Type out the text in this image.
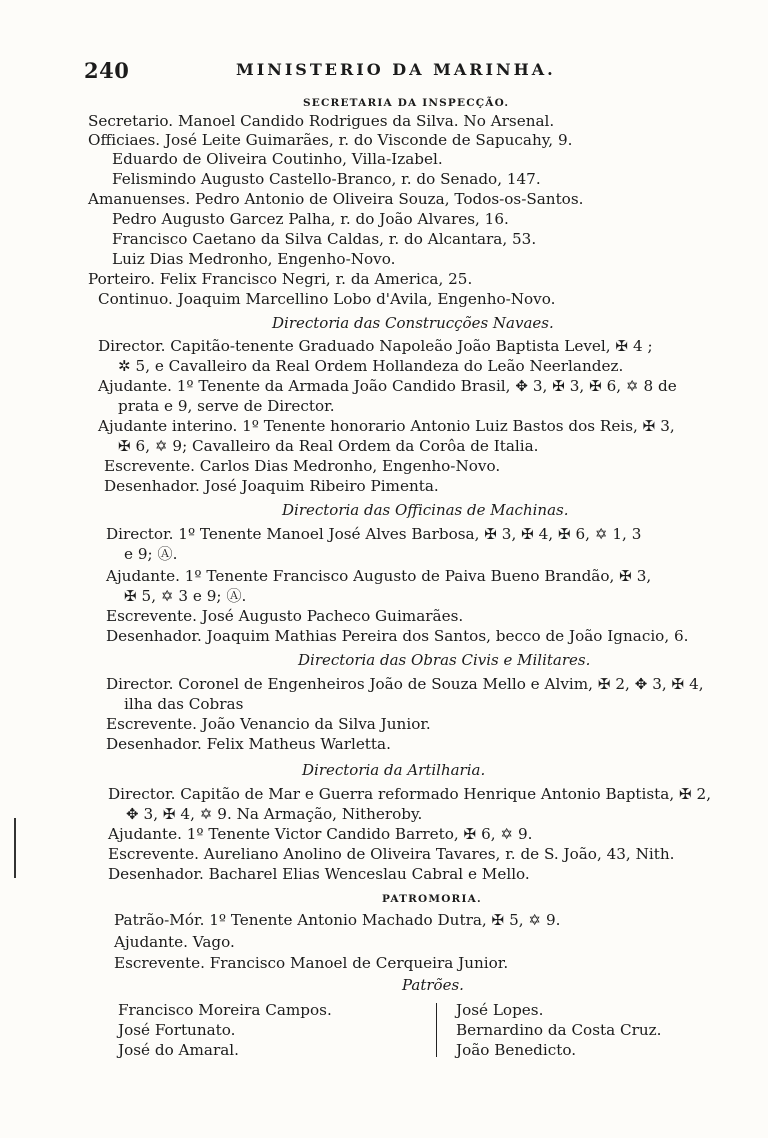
240	MINISTERIO DA MARINHA.
SECRETARIA DA INSPECÇÃO.
Secretario. Manoel Candido Rodrigues da Silva. No Arsenal.
Officiaes. José Leite Guimarães, r. do Visconde de Sapucahy, 9.
Eduardo de Oliveira Coutinho, Villa-Izabel.
Felismindo Augusto Castello-Branco, r. do Senado, 147.
Amanuenses. Pedro Antonio de Oliveira Souza, Todos-os-Santos.
Pedro Augusto Garcez Palha, r. do João Alvares, 16.
Francisco Caetano da Silva Caldas, r. do Alcantara, 53.
Luiz Dias Medronho, Engenho-Novo.
Porteiro. Felix Francisco Negri, r. da America, 25.
Continuo. Joaquim Marcellino Lobo d'Avila, Engenho-Novo.
Directoria das Construcções Navaes.
Director. Capitão-tenente Graduado Napoleão João Baptista Level, ✠ 4 ;
✲ 5, e Cavalleiro da Real Ordem Hollandeza do Leão Neerlandez.
Ajudante. 1º Tenente da Armada João Candido Brasil, ✥ 3, ✠ 3, ✠ 6, ✡ 8 de
prata e 9, serve de Director.
Ajudante interino. 1º Tenente honorario Antonio Luiz Bastos dos Reis, ✠ 3,
✠ 6, ✡ 9; Cavalleiro da Real Ordem da Corôa de Italia.
Escrevente. Carlos Dias Medronho, Engenho-Novo.
Desenhador. José Joaquim Ribeiro Pimenta.
Directoria das Officinas de Machinas.
Director. 1º Tenente Manoel José Alves Barbosa, ✠ 3, ✠ 4, ✠ 6, ✡ 1, 3
e 9; Ⓐ.
Ajudante. 1º Tenente Francisco Augusto de Paiva Bueno Brandão, ✠ 3,
✠ 5, ✡ 3 e 9; Ⓐ.
Escrevente. José Augusto Pacheco Guimarães.
Desenhador. Joaquim Mathias Pereira dos Santos, becco de João Ignacio, 6.
Directoria das Obras Civis e Militares.
Director. Coronel de Engenheiros João de Souza Mello e Alvim, ✠ 2, ✥ 3, ✠ 4,
ilha das Cobras
Escrevente. João Venancio da Silva Junior.
Desenhador. Felix Matheus Warletta.
Directoria da Artilharia.
Director. Capitão de Mar e Guerra reformado Henrique Antonio Baptista, ✠ 2,
✥ 3, ✠ 4, ✡ 9. Na Armação, Nitheroby.
Ajudante. 1º Tenente Victor Candido Barreto, ✠ 6, ✡ 9.
Escrevente. Aureliano Anolino de Oliveira Tavares, r. de S. João, 43, Nith.
Desenhador. Bacharel Elias Wenceslau Cabral e Mello.
PATROMORIA.
Patrão-Mór. 1º Tenente Antonio Machado Dutra, ✠ 5, ✡ 9.
Ajudante. Vago.
Escrevente. Francisco Manoel de Cerqueira Junior.
Patrões.
Francisco Moreira Campos.
José Fortunato.
José do Amaral.
José Lopes.
Bernardino da Costa Cruz.
João Benedicto.
